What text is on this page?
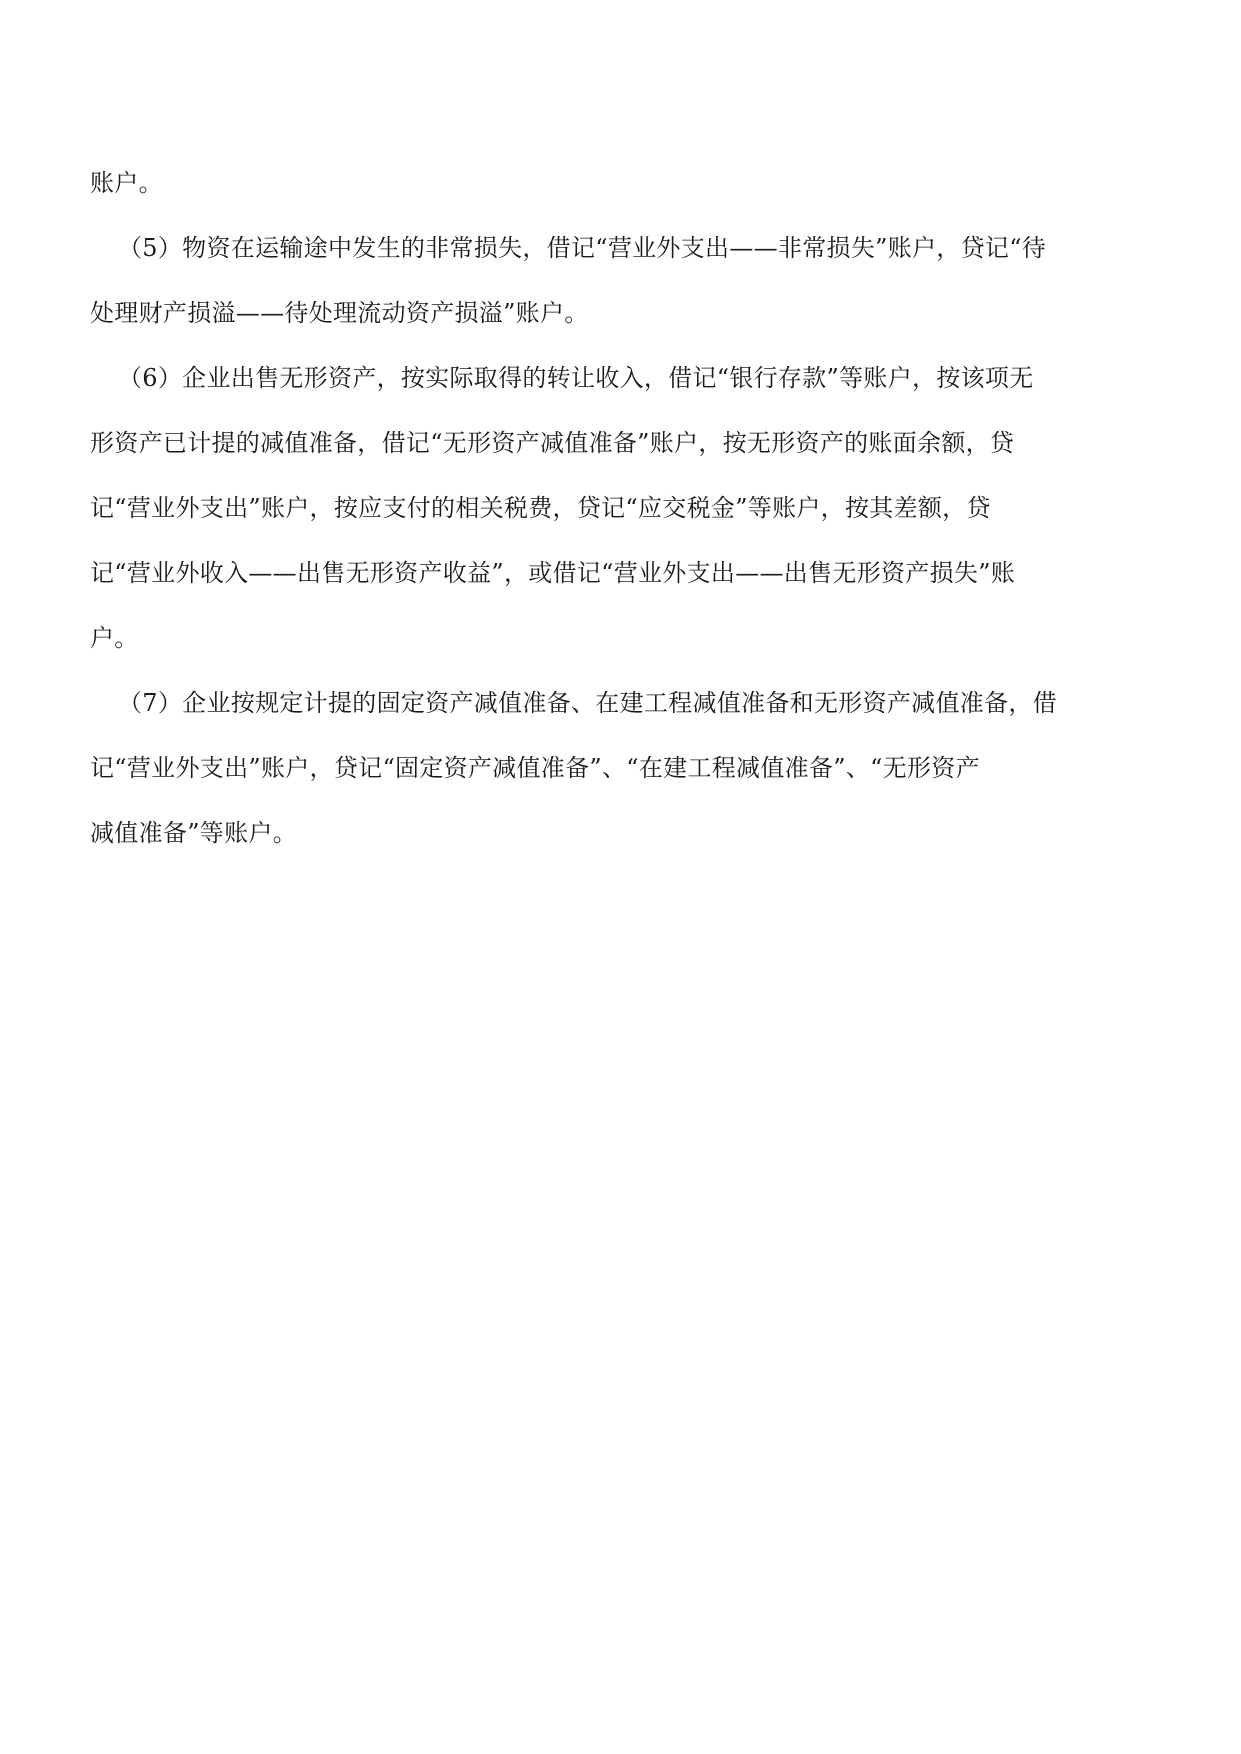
账户。

（5）物资在运输途中发生的非常损失，借记“营业外支出——非常损失”账户，贷记“待

处理财产损溢——待处理流动资产损溢”账户。

（6）企业出售无形资产，按实际取得的转让收入，借记“银行存款”等账户，按该项无

形资产已计提的减值准备，借记“无形资产减值准备”账户，按无形资产的账面余额，贷

记“营业外支出”账户，按应支付的相关税费，贷记“应交税金”等账户，按其差额，贷

记“营业外收入——出售无形资产收益”，或借记“营业外支出——出售无形资产损失”账

户。

（7）企业按规定计提的固定资产减值准备、在建工程减值准备和无形资产减值准备，借

记“营业外支出”账户，贷记“固定资产减值准备”、“在建工程减值准备”、“无形资产

减值准备”等账户。
